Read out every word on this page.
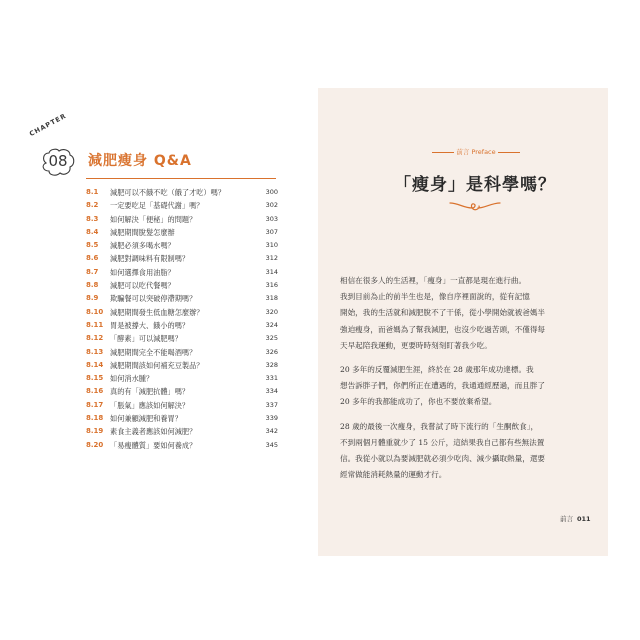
CHAPTER
08	減肥瘦身 Q&A
8.1	減肥可以不餓不吃（餓了才吃）嗎？	300
8.2	一定要吃足「基礎代謝」嗎？	302
8.3	如何解決「便秘」的問題？	303
8.4	減肥期間脫髮怎麼辦	307
8.5	減肥必須多喝水嗎？	310
8.6	減肥對調味料有限制嗎？	312
8.7	如何選擇食用油脂？	314
8.8	減肥可以吃代餐嗎？	316
8.9	欺騙餐可以突破停滯期嗎？	318
8.10 減肥期間發生低血糖怎麼辦？	320
8.11 胃是被撐大、餓小的嗎？	324
8.12 「酵素」可以減肥嗎？	325
8.13 減肥期間完全不能喝酒嗎？	326
8.14 減肥期間該如何補充豆製品？	328
8.15 如何消水腫？	331
8.16 真的有「減肥抗體」嗎？	334
8.17 「脹氣」應該如何解決？	337
8.18 如何兼顧減肥和養胃？	339
8.19 素食主義者應該如何減肥？	342
8.20 「易瘦體質」要如何養成？	345
前言 Preface
「瘦身」是科學嗎？
相信在很多人的生活裡，「瘦身」一直都是現在進行曲。
我到目前為止的前半生也是，像自序裡面說的，從有記憶
開始，我的生活就和減肥脫不了干係，從小學開始就被爸媽半
強迫瘦身，而爸媽為了幫我減肥，也沒少吃過苦頭，不僅得每
天早起陪我運動，更要時時刻刻盯著我少吃。
20 多年的反覆減肥生涯，終於在 28 歲那年成功達標。我
想告訴胖子們，你們所正在遭遇的，我通通經歷過，而且胖了
20 多年的我都能成功了，你也不要放棄希望。
28 歲的最後一次瘦身，我嘗試了時下流行的「生酮飲食」，
不到兩個月體重就少了 15 公斤，這結果我自己都有些無法置
信。我從小就以為要減肥就必須少吃肉、減少攝取熱量，還要
經常做能消耗熱量的運動才行。
前言 011
